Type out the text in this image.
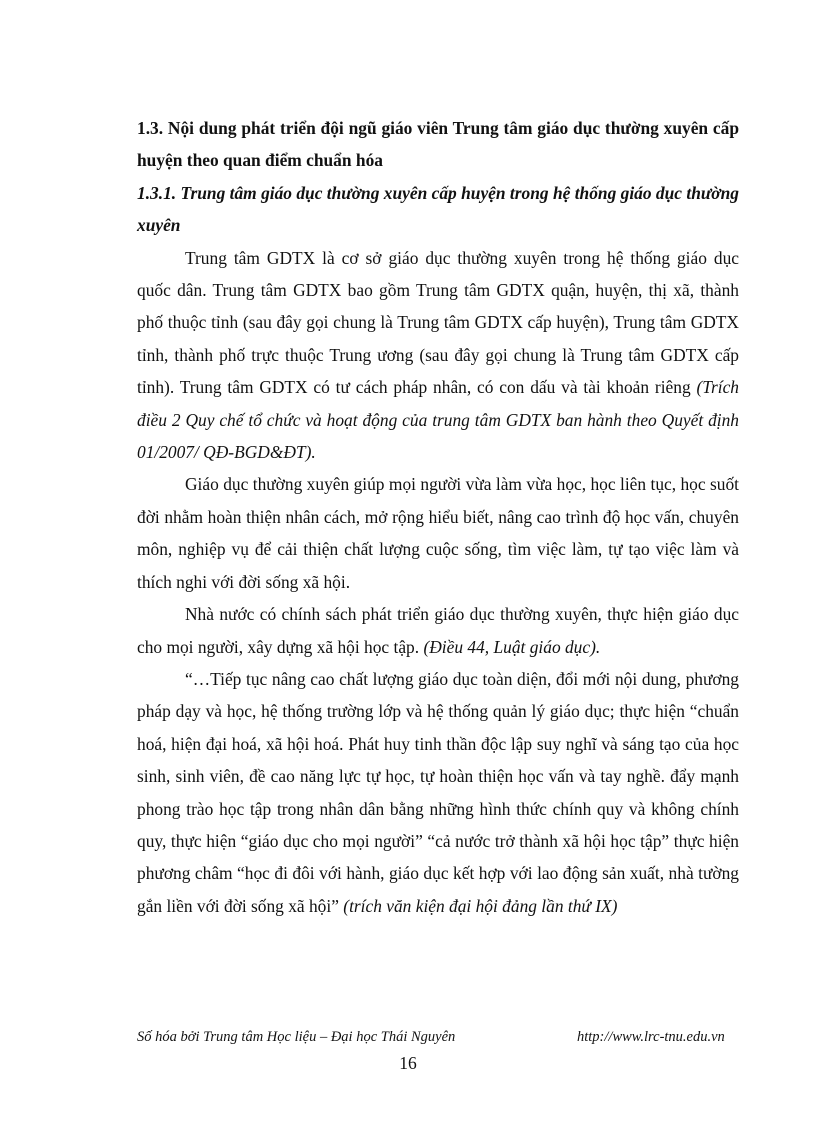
1.3. Nội dung phát triển đội ngũ giáo viên Trung tâm giáo dục thường xuyên cấp huyện theo quan điểm chuẩn hóa

1.3.1. Trung tâm giáo dục thường xuyên cấp huyện trong hệ thống giáo dục thường xuyên

Trung tâm GDTX là cơ sở giáo dục thường xuyên trong hệ thống giáo dục quốc dân. Trung tâm GDTX bao gồm Trung tâm GDTX quận, huyện, thị xã, thành phố thuộc tỉnh (sau đây gọi chung là Trung tâm GDTX cấp huyện), Trung tâm GDTX tỉnh, thành phố trực thuộc Trung ương (sau đây gọi chung là Trung tâm GDTX cấp tỉnh). Trung tâm GDTX có tư cách pháp nhân, có con dấu và tài khoản riêng (Trích điều 2 Quy chế tổ chức và hoạt động của trung tâm GDTX ban hành theo Quyết định 01/2007/ QĐ-BGD&ĐT).

Giáo dục thường xuyên giúp mọi người vừa làm vừa học, học liên tục, học suốt đời nhằm hoàn thiện nhân cách, mở rộng hiểu biết, nâng cao trình độ học vấn, chuyên môn, nghiệp vụ để cải thiện chất lượng cuộc sống, tìm việc làm, tự tạo việc làm và thích nghi với đời sống xã hội.

Nhà nước có chính sách phát triển giáo dục thường xuyên, thực hiện giáo dục cho mọi người, xây dựng xã hội học tập. (Điều 44, Luật giáo dục).

“…Tiếp tục nâng cao chất lượng giáo dục toàn diện, đổi mới nội dung, phương pháp dạy và học, hệ thống trường lớp và hệ thống quản lý giáo dục; thực hiện “chuẩn hoá, hiện đại hoá, xã hội hoá. Phát huy tinh thần độc lập suy nghĩ và sáng tạo của học sinh, sinh viên, đề cao năng lực tự học, tự hoàn thiện học vấn và tay nghề. đẩy mạnh phong trào học tập trong nhân dân bằng những hình thức chính quy và không chính quy, thực hiện “giáo dục cho mọi người” “cả nước trở thành xã hội học tập” thực hiện phương châm “học đi đôi với hành, giáo dục kết hợp với lao động sản xuất, nhà tường gắn liền với đời sống xã hội” (trích văn kiện đại hội đảng lần thứ IX)

Số hóa bởi Trung tâm Học liệu – Đại học Thái Nguyên	http://www.lrc-tnu.edu.vn
16
